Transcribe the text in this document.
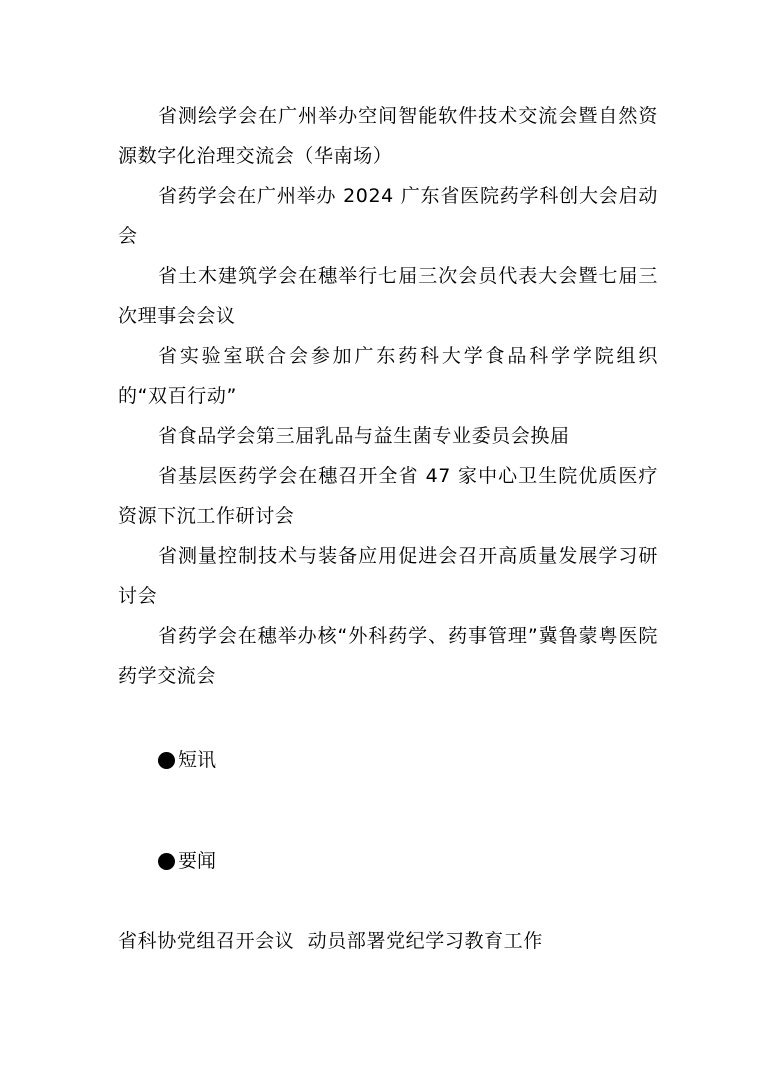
省测绘学会在广州举办空间智能软件技术交流会暨自然资源数字化治理交流会（华南场）

省药学会在广州举办 2024 广东省医院药学科创大会启动会

省土木建筑学会在穗举行七届三次会员代表大会暨七届三次理事会会议

省实验室联合会参加广东药科大学食品科学学院组织的“双百行动”

省食品学会第三届乳品与益生菌专业委员会换届

省基层医药学会在穗召开全省 47 家中心卫生院优质医疗资源下沉工作研讨会

省测量控制技术与装备应用促进会召开高质量发展学习研讨会

省药学会在穗举办核“外科药学、药事管理”冀鲁蒙粤医院药学交流会

短讯
要闻
省科协党组召开会议  动员部署党纪学习教育工作
